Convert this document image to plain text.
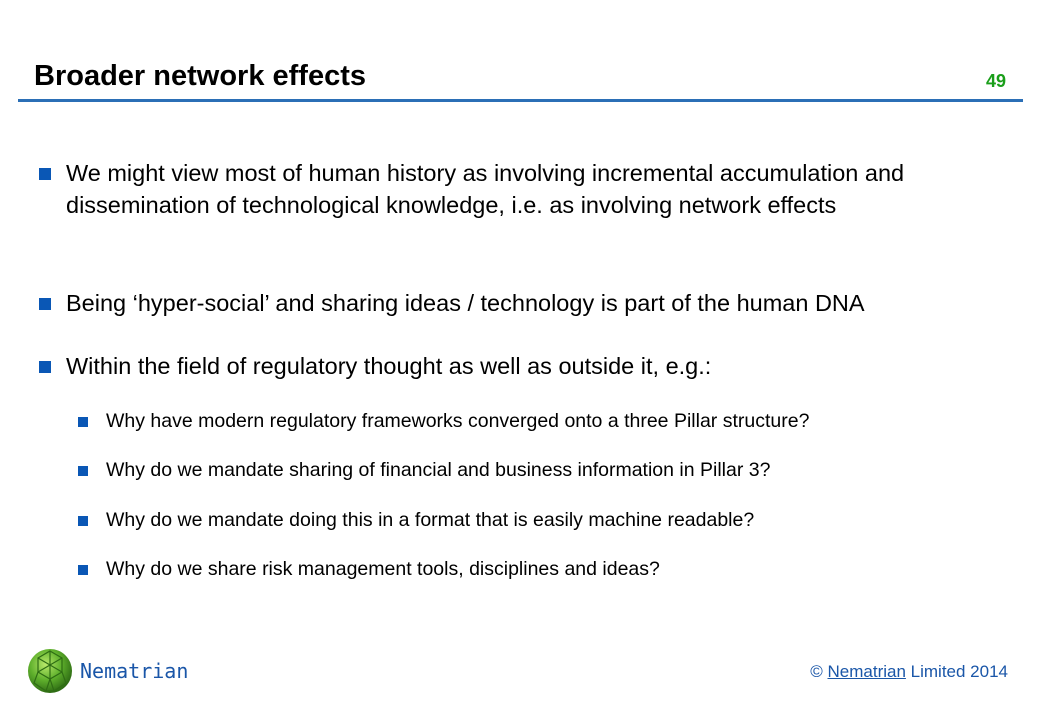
Broader network effects	49
We might view most of human history as involving incremental accumulation and dissemination of technological knowledge, i.e. as involving network effects
Being ‘hyper-social’ and sharing ideas / technology is part of the human DNA
Within the field of regulatory thought as well as outside it, e.g.:
Why have modern regulatory frameworks converged onto a three Pillar structure?
Why do we mandate sharing of financial and business information in Pillar 3?
Why do we mandate doing this in a format that is easily machine readable?
Why do we share risk management tools, disciplines and ideas?
Nematrian	© Nematrian Limited 2014
